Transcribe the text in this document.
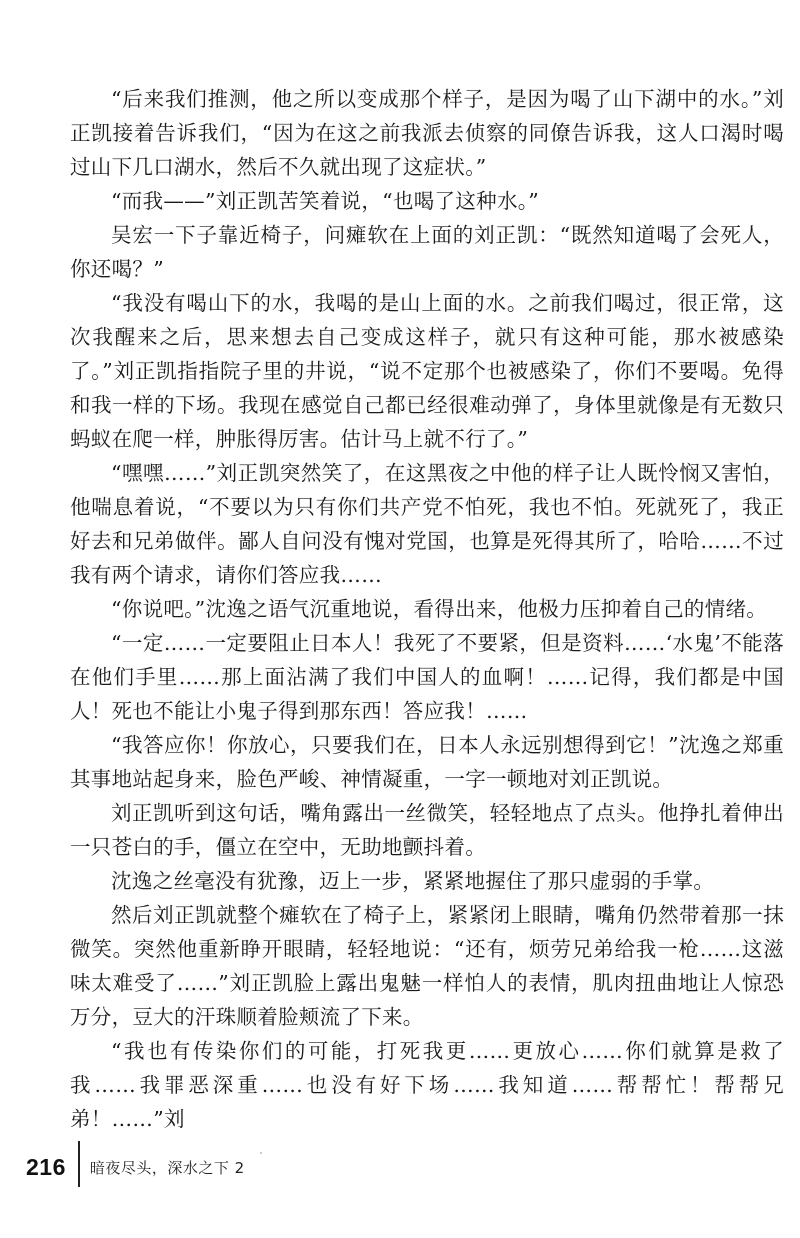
“后来我们推测，他之所以变成那个样子，是因为喝了山下湖中的水。”刘正凯接着告诉我们，“因为在这之前我派去侦察的同僚告诉我，这人口渴时喝过山下几口湖水，然后不久就出现了这症状。”

“而我——”刘正凯苦笑着说，“也喝了这种水。”

吴宏一下子靠近椅子，问瘫软在上面的刘正凯：“既然知道喝了会死人，你还喝？”

“我没有喝山下的水，我喝的是山上面的水。之前我们喝过，很正常，这次我醒来之后，思来想去自己变成这样子，就只有这种可能，那水被感染了。”刘正凯指指院子里的井说，“说不定那个也被感染了，你们不要喝。免得和我一样的下场。我现在感觉自己都已经很难动弹了，身体里就像是有无数只蚂蚁在爬一样，肿胀得厉害。估计马上就不行了。”

“嘿嘿……”刘正凯突然笑了，在这黑夜之中他的样子让人既怜悯又害怕，他喘息着说，“不要以为只有你们共产党不怕死，我也不怕。死就死了，我正好去和兄弟做伴。鄙人自问没有愧对党国，也算是死得其所了，哈哈……不过我有两个请求，请你们答应我……

“你说吧。”沈逸之语气沉重地说，看得出来，他极力压抑着自己的情绪。

“一定……一定要阻止日本人！我死了不要紧，但是资料……‘水鬼’不能落在他们手里……那上面沾满了我们中国人的血啊！……记得，我们都是中国人！死也不能让小鬼子得到那东西！答应我！……

“我答应你！你放心，只要我们在，日本人永远别想得到它！”沈逸之郑重其事地站起身来，脸色严峻、神情凝重，一字一顿地对刘正凯说。

刘正凯听到这句话，嘴角露出一丝微笑，轻轻地点了点头。他挣扎着伸出一只苍白的手，僵立在空中，无助地颤抖着。

沈逸之丝毫没有犹豫，迈上一步，紧紧地握住了那只虚弱的手掌。

然后刘正凯就整个瘫软在了椅子上，紧紧闭上眼睛，嘴角仍然带着那一抹微笑。突然他重新睁开眼睛，轻轻地说：“还有，烦劳兄弟给我一枪……这滋味太难受了……”刘正凯脸上露出鬼魅一样怕人的表情，肌肉扭曲地让人惊恐万分，豆大的汗珠顺着脸颊流了下来。

“我也有传染你们的可能，打死我更……更放心……你们就算是救了我……我罪恶深重……也没有好下场……我知道……帮帮忙！帮帮兄弟！……”刘

216 暗夜尽头，深水之下 2
